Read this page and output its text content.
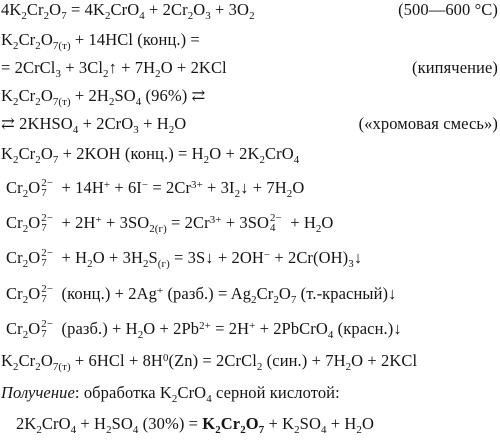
$4K_2Cr_2O_7 = 4K_2CrO_4 + 2Cr_2O_3 + 3O_2$	(500—600 °C)
$K_2Cr_2O_{7(т)} + 14HCl$ (конц.) =
= 2CrCl$_3$ + $3Cl_2↑ + 7H_2O + 2KCl$	(кипячение)
$K_2Cr_2O_{7(т)} + 2H_2SO_4$ (96%) ⇄
⇄ $2KHSO_4 + 2CrO_3 + H_2O$	(«хромовая смесь»)
$K_2Cr_2O_7 + 2KOH$ (конц.) = $H_2O + 2K_2CrO_4$
$Cr_2O$ 2−
$7 + 14H^+ + 6I^- = 2Cr^{3+}$ + $3I_2↓ + 7H_2O$
$Cr_2O$ 2−
$7 + 2H^+ + 3SO_{2(г)} = 2Cr^{3+} + 3SO$ 2−
$4 + H_2O$
$Cr_2O$ 2−
$7 + H_2O + 3H_2S_{(г)}$ = 3S↓ + $2OH^- + 2Cr(OH)_3↓$
$Cr_2O$ 2−
7 (конц.) + 2Ag+ (разб.) = $Ag_2Cr_2O_7$ (т.-красный)↓
$Cr_2O$ 2−
7 (разб.) + $H_2O + 2Pb^{2+} = 2H^+$ + 2PbCrO$_4$ (красн.)↓
$K_2Cr_2O_{7(т)} + 6HCl + 8H^0(Zn)$ = 2CrCl$_2$ $(син.) + 7H_2O + 2KCl$
Получение: обработка $K_2CrO_4$ серной кислотой:
$2K_2CrO_4 + H_2SO_4$ $(30\%) = K_2Cr_2O_7 + K_2SO_4 + H_2O$
